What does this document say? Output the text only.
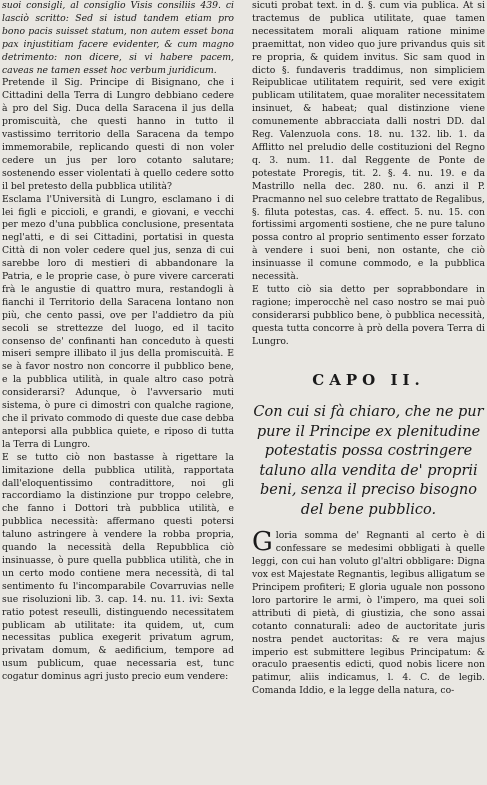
suoi consigli, al consiglio Visis consiliis 439. ci lasciò scritto: Sed si istud tandem etiam pro bono pacis suisset statum, non autem esset bona pax injustitiam facere evidenter, & cum magno detrimento: non dicere, si vi habere pacem, caveas ne tamen esset hoc verbum juridicum.

Pretende il Sig. Principe di Bisignano, che i Cittadini della Terra di Lungro debbiano cedere à pro del Sig. Duca della Saracena il jus della promiscuità, che questi hanno in tutto il vastissimo territorio della Saracena da tempo immemorabile, replicando questi di non voler cedere un jus per loro cotanto salutare; sostenendo esser violentati à quello cedere sotto il bel pretesto della pubblica utilità?

Esclama l'Università di Lungro, esclamano i di lei figli e piccioli, e grandi, e giovani, e vecchi per mezo d'una pubblica conclusione, presentata negl'atti, e di sei Cittadini, portatisi in questa Città di non voler cedere quel jus, senza di cui sarebbe loro di mestieri di abbandonare la Patria, e le proprie case, ò pure vivere carcerati frà le angustie di quattro mura, restandogli à fianchi il Territorio della Saracena lontano non più, che cento passi, ove per l'addietro da più secoli se strettezze del luogo, ed il tacito consenso de' confinanti han conceduto à questi miseri sempre illibato il jus della promiscuità. E se à favor nostro non concorre il pubblico bene, e la pubblica utilità, in quale altro caso potrà considerarsi? Adunque, ò l'avversario muti sistema, ò pure ci dimostri con qualche ragione, che il privato commodo di queste due case debba anteporsi alla pubblica quiete, e riposo di tutta la Terra di Lungro.

E se tutto ciò non bastasse à rigettare la limitazione della pubblica utilità, rapportata dall'eloquentissimo contradittore, noi gli raccordiamo la distinzione pur troppo celebre, che fanno i Dottori trà pubblica utilità, e pubblica necessità: affermano questi potersi taluno astringere à vendere la robba propria, quando la necessità della Repubblica ciò insinuasse, ò pure quella pubblica utilità, che in un certo modo contiene mera necessità, di tal sentimento fu l'incomparabile Covarruvias nelle sue risoluzioni lib. 3. cap. 14. nu. 11. ivi: Sexta ratio potest reseulli, distinguendo necessitatem publicam ab utilitate: ita quidem, ut, cum necessitas publica exegerit privatum agrum, privatam domum, & aedificium, tempore ad usum publicum, quae necessaria est, tunc cogatur dominus agri justo precio eum vendere:

sicuti probat text. in d. §. cum via publica. At si tractemus de publica utilitate, quae tamen necessitatem morali aliquam ratione minime praemittat, non video quo jure privandus quis sit re propria, & quidem invitus. Sic sam quod in dicto §. fundaveris traddimus, non simpliciem Reipublicae utilitatem requirit, sed vere exigit publicam utilitatem, quae moraliter necessitatem insinuet, & habeat; qual distinzione viene comunemente abbracciata dalli nostri DD. dal Reg. Valenzuola cons. 18. nu. 132. lib. 1. da Afflitto nel preludio delle costituzioni del Regno q. 3. num. 11. dal Reggente de Ponte de potestate Proregis, tit. 2. §. 4. nu. 19. e da Mastrillo nella dec. 280. nu. 6. anzi il P. Pracmanno nel suo celebre trattato de Regalibus, §. filuta potestas, cas. 4. effect. 5. nu. 15. con fortissimi argomenti sostiene, che ne pure taluno possa contro al proprio sentimento esser forzato à vendere i suoi beni, non ostante, che ciò insinuasse il comune commodo, e la pubblica necessità.

E tutto ciò sia detto per soprabbondare in ragione; imperocchè nel caso nostro se mai può considerarsi pubblico bene, ò pubblica necessità, questa tutta concorre à prò della povera Terra di Lungro.

CAPO II.
Con cui si fà chiaro, che ne pur pure il Principe ex plenitudine potestatis possa costringere taluno alla vendita de' proprii beni, senza il preciso bisogno del bene pubblico.

G loria somma de' Regnanti al certo è di confessare se medesimi obbligati à quelle leggi, con cui han voluto gl'altri obbligare: Digna vox est Majestate Regnantis, legibus alligatum se Principem profiteri; E gloria uguale non possono loro partorire le armi, ò l'impero, ma quei soli attributi di pietà, di giustizia, che sono assai cotanto connaturali: adeo de auctoritate juris nostra pendet auctoritas: & re vera majus imperio est submittere legibus Principatum: & oraculo praesentis edicti, quod nobis licere non patimur, aliis indicamus, l. 4. C. de legib. Comanda Iddio, e la legge della natura, co-
